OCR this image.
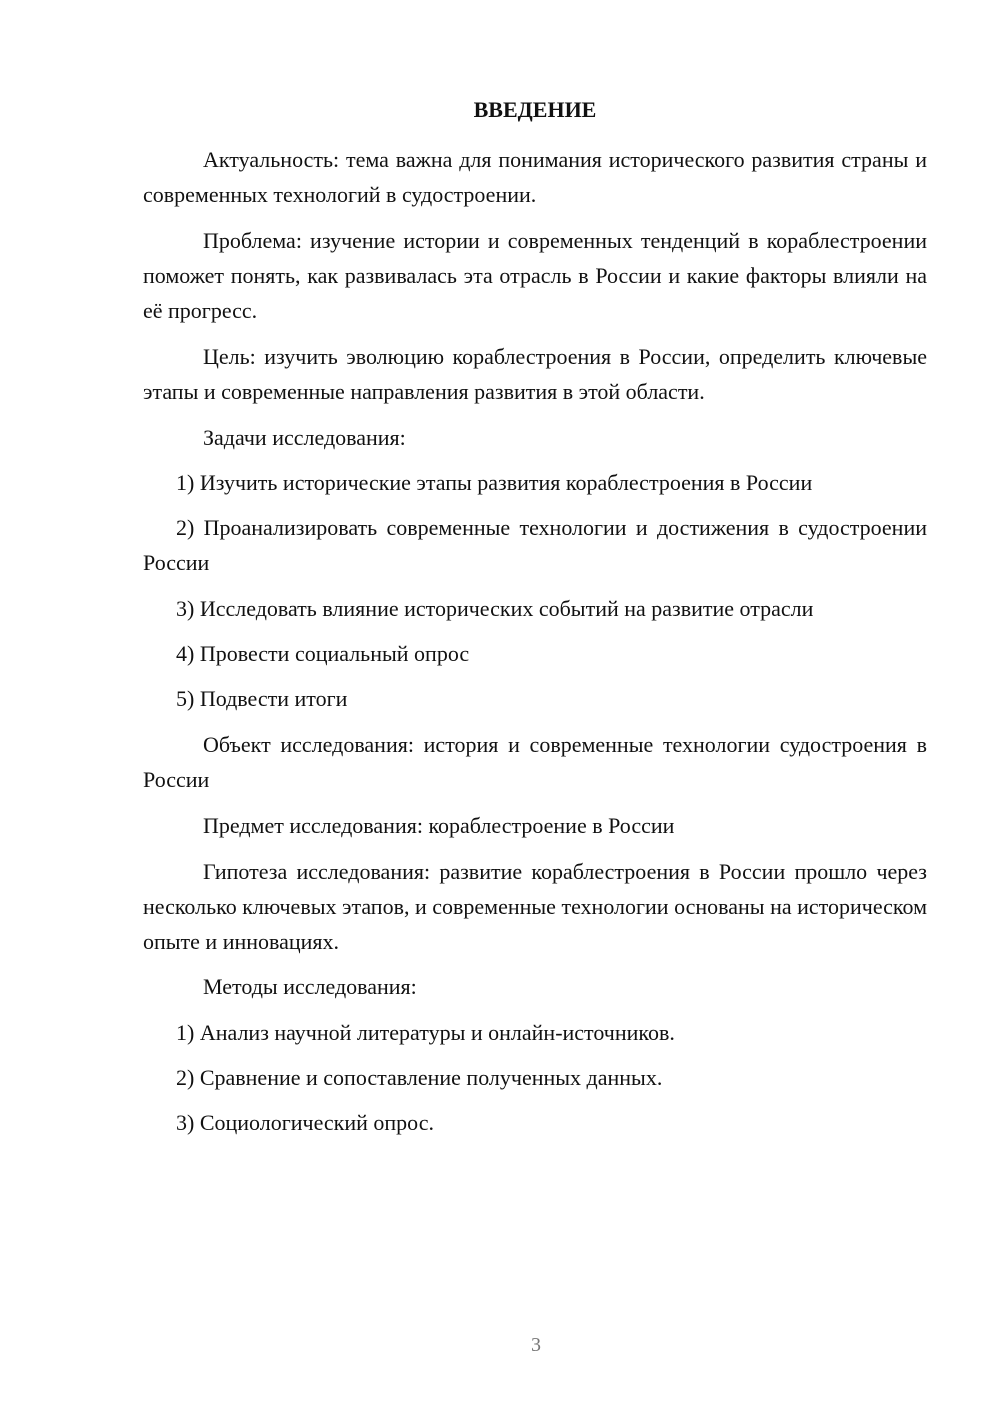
ВВЕДЕНИЕ

Актуальность: тема важна для понимания исторического развития страны и современных технологий в судостроении.

Проблема: изучение истории и современных тенденций в кораблестроении поможет понять, как развивалась эта отрасль в России и какие факторы влияли на её прогресс.

Цель: изучить эволюцию кораблестроения в России, определить ключевые этапы и современные направления развития в этой области.

Задачи исследования:

1) Изучить исторические этапы развития кораблестроения в России

2) Проанализировать современные технологии и достижения в судостроении России

3) Исследовать влияние исторических событий на развитие отрасли

4) Провести социальный опрос

5) Подвести итоги

Объект исследования: история и современные технологии судостроения в России

Предмет исследования: кораблестроение в России

Гипотеза исследования: развитие кораблестроения в России прошло через несколько ключевых этапов, и современные технологии основаны на историческом опыте и инновациях.

Методы исследования:

1) Анализ научной литературы и онлайн-источников.

2) Сравнение и сопоставление полученных данных.

3) Социологический опрос.

3
